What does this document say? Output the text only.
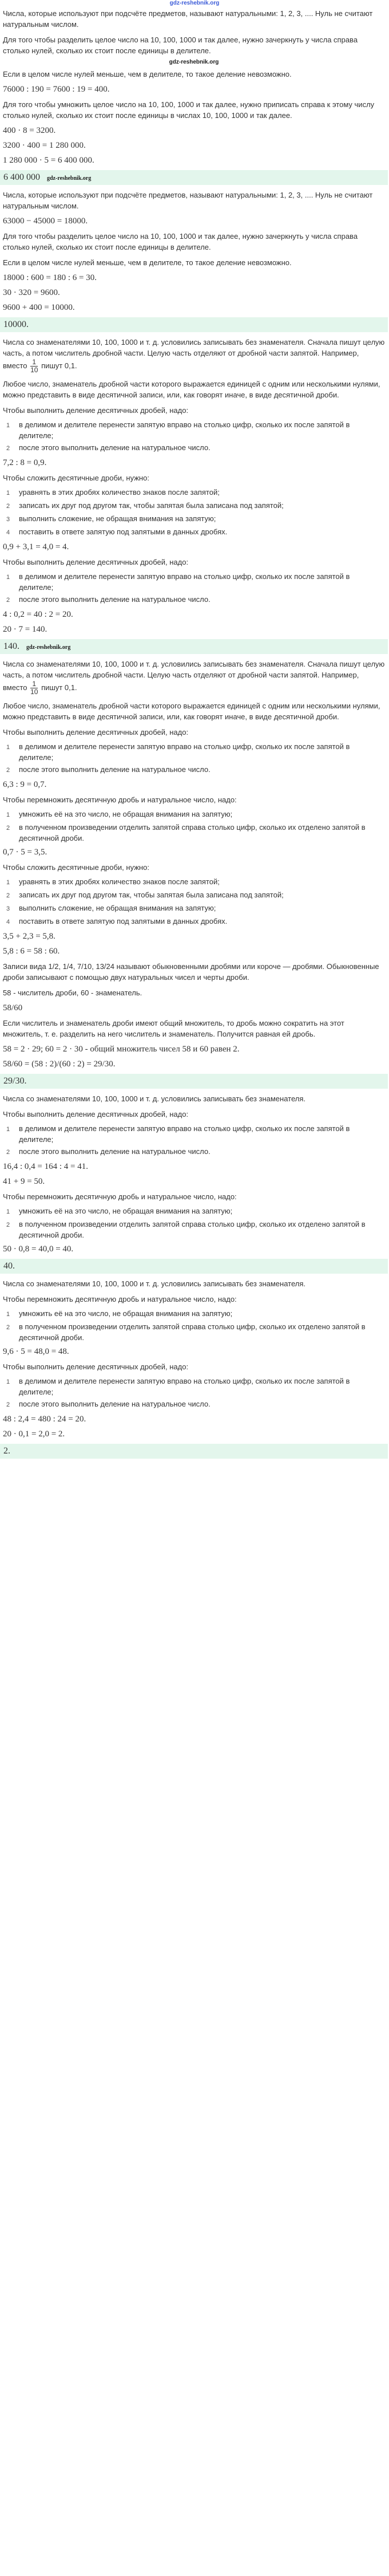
gdz-reshebnik.org

Числа, которые используют при подсчёте предметов, называют натуральными: 1, 2, 3, .... Нуль не считают натуральным числом.

Для того чтобы разделить целое число на 10, 100, 1000 и так далее, нужно зачеркнуть у числа справа столько нулей, сколько их стоит после единицы в делителе.

gdz-reshebnik.org

Если в целом числе нулей меньше, чем в делителе, то такое деление невозможно.

76000 : 190 = 7600 : 19 = 400.

Для того чтобы умножить целое число на 10, 100, 1000 и так далее, нужно приписать справа к этому числу столько нулей, сколько их стоит после единицы в числах 10, 100, 1000 и так далее.

400 · 8 = 3200.

3200 · 400 = 1 280 000.

1 280 000 · 5 = 6 400 000.

6 400 000 gdz-reshebnik.org

Числа, которые используют при подсчёте предметов, называют натуральными: 1, 2, 3, .... Нуль не считают натуральным числом.

63000 − 45000 = 18000.

Для того чтобы разделить целое число на 10, 100, 1000 и так далее, нужно зачеркнуть у числа справа столько нулей, сколько их стоит после единицы в делителе.

Если в целом числе нулей меньше, чем в делителе, то такое деление невозможно.

18000 : 600 = 180 : 6 = 30.

30 · 320 = 9600.

9600 + 400 = 10000.

10000.

Числа со знаменателями 10, 100, 1000 и т. д. условились записывать без знаменателя. Сначала пишут целую часть, а потом числитель дробной части. Целую часть отделяют от дробной части запятой. Например, вместо $\frac{1}{10}$ пишут 0,1.

Любое число, знаменатель дробной части которого выражается единицей с одним или несколькими нулями, можно представить в виде десятичной записи, или, как говорят иначе, в виде десятичной дроби.

Чтобы выполнить деление десятичных дробей, надо:

1	в делимом и делителе перенести запятую вправо на столько цифр, сколько их после запятой в делителе;
2	после этого выполнить деление на натуральное число.

7,2 : 8 = 0,9.

Чтобы сложить десятичные дроби, нужно:

1	уравнять в этих дробях количество знаков после запятой;
2	записать их друг под другом так, чтобы запятая была записана под запятой;
3	выполнить сложение, не обращая внимания на запятую;
4	поставить в ответе запятую под запятыми в данных дробях.

0,9 + 3,1 = 4,0 = 4.

Чтобы выполнить деление десятичных дробей, надо:

1	в делимом и делителе перенести запятую вправо на столько цифр, сколько их после запятой в делителе;
2	после этого выполнить деление на натуральное число.

4 : 0,2 = 40 : 2 = 20.

20 · 7 = 140.

140. gdz-reshebnik.org

Числа со знаменателями 10, 100, 1000 и т. д. условились записывать без знаменателя. Сначала пишут целую часть, а потом числитель дробной части. Целую часть отделяют от дробной части запятой. Например, вместо $\frac{1}{10}$ пишут 0,1.

Любое число, знаменатель дробной части которого выражается единицей с одним или несколькими нулями, можно представить в виде десятичной записи, или, как говорят иначе, в виде десятичной дроби.

Чтобы выполнить деление десятичных дробей, надо:

1	в делимом и делителе перенести запятую вправо на столько цифр, сколько их после запятой в делителе;
2	после этого выполнить деление на натуральное число.

6,3 : 9 = 0,7.

Чтобы перемножить десятичную дробь и натуральное число, надо:

1	умножить её на это число, не обращая внимания на запятую;
2	в полученном произведении отделить запятой справа столько цифр, сколько их отделено запятой в десятичной дроби.

0,7 · 5 = 3,5.

Чтобы сложить десятичные дроби, нужно:

1	уравнять в этих дробях количество знаков после запятой;
2	записать их друг под другом так, чтобы запятая была записана под запятой;
3	выполнить сложение, не обращая внимания на запятую;
4	поставить в ответе запятую под запятыми в данных дробях.

3,5 + 2,3 = 5,8.

5,8 : 6 = 58 : 60.

Записи вида 1/2, 1/4, 7/10, 13/24 называют обыкновенными дробями или короче — дробями. Обыкновенные дроби записывают с помощью двух натуральных чисел и черты дроби.

58 - числитель дроби, 60 - знаменатель.

58/60

Если числитель и знаменатель дроби имеют общий множитель, то дробь можно сократить на этот множитель, т. е. разделить на него числитель и знаменатель. Получится равная ей дробь.

58 = 2 · 29; 60 = 2 · 30 - общий множитель чисел 58 и 60 равен 2.

58/60 = (58 : 2)/(60 : 2) = 29/30.

29/30.

Числа со знаменателями 10, 100, 1000 и т. д. условились записывать без знаменателя.

Чтобы выполнить деление десятичных дробей, надо:

1	в делимом и делителе перенести запятую вправо на столько цифр, сколько их после запятой в делителе;
2	после этого выполнить деление на натуральное число.

16,4 : 0,4 = 164 : 4 = 41.

41 + 9 = 50.

Чтобы перемножить десятичную дробь и натуральное число, надо:

1	умножить её на это число, не обращая внимания на запятую;
2	в полученном произведении отделить запятой справа столько цифр, сколько их отделено запятой в десятичной дроби.

50 · 0,8 = 40,0 = 40.

40.

Числа со знаменателями 10, 100, 1000 и т. д. условились записывать без знаменателя.

Чтобы перемножить десятичную дробь и натуральное число, надо:

1	умножить её на это число, не обращая внимания на запятую;
2	в полученном произведении отделить запятой справа столько цифр, сколько их отделено запятой в десятичной дроби.

9,6 · 5 = 48,0 = 48.

Чтобы выполнить деление десятичных дробей, надо:

1	в делимом и делителе перенести запятую вправо на столько цифр, сколько их после запятой в делителе;
2	после этого выполнить деление на натуральное число.

48 : 2,4 = 480 : 24 = 20.

20 · 0,1 = 2,0 = 2.

2.
